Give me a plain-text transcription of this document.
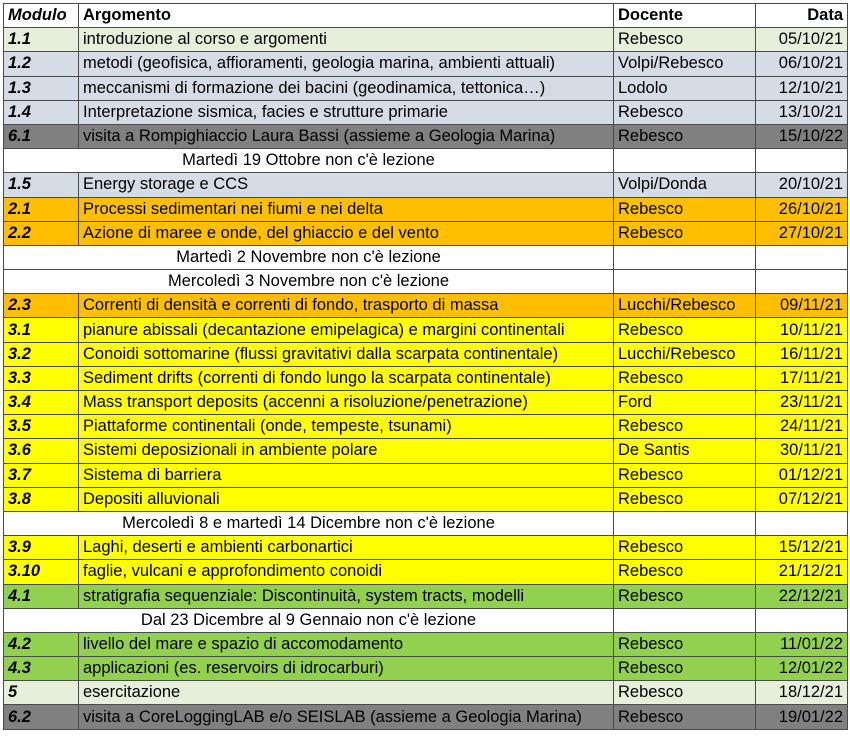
Modulo	Argomento	Docente	Data
1.1	introduzione al corso e argomenti	Rebesco	05/10/21
1.2	metodi (geofisica, affioramenti, geologia marina, ambienti attuali)	Volpi/Rebesco	06/10/21
1.3	meccanismi di formazione dei bacini (geodinamica, tettonica…)	Lodolo	12/10/21
1.4	Interpretazione sismica, facies e strutture primarie	Rebesco	13/10/21
6.1	visita a Rompighiaccio Laura Bassi (assieme a Geologia Marina)	Rebesco	15/10/22
Martedì 19 Ottobre non c'è lezione			
1.5	Energy storage e CCS	Volpi/Donda	20/10/21
2.1	Processi sedimentari nei fiumi e nei delta	Rebesco	26/10/21
2.2	Azione di maree e onde, del ghiaccio e del vento	Rebesco	27/10/21
Martedì 2 Novembre non c'è lezione			
Mercoledì 3 Novembre non c'è lezione			
2.3	Correnti di densità e correnti di fondo, trasporto di massa	Lucchi/Rebesco	09/11/21
3.1	pianure abissali (decantazione emipelagica) e margini continentali	Rebesco	10/11/21
3.2	Conoidi sottomarine (flussi gravitativi dalla scarpata continentale)	Lucchi/Rebesco	16/11/21
3.3	Sediment drifts (correnti di fondo lungo la scarpata continentale)	Rebesco	17/11/21
3.4	Mass transport deposits (accenni a risoluzione/penetrazione)	Ford	23/11/21
3.5	Piattaforme continentali (onde, tempeste, tsunami)	Rebesco	24/11/21
3.6	Sistemi deposizionali in ambiente polare	De Santis	30/11/21
3.7	Sistema di barriera	Rebesco	01/12/21
3.8	Depositi alluvionali	Rebesco	07/12/21
Mercoledì 8 e martedì 14 Dicembre non c'è lezione			
3.9	Laghi, deserti e ambienti carbonartici	Rebesco	15/12/21
3.10	faglie, vulcani e approfondimento conoidi	Rebesco	21/12/21
4.1	stratigrafia sequenziale: Discontinuità, system tracts, modelli	Rebesco	22/12/21
Dal 23 Dicembre al 9 Gennaio non c'è lezione			
4.2	livello del mare e spazio di accomodamento	Rebesco	11/01/22
4.3	applicazioni (es. reservoirs di idrocarburi)	Rebesco	12/01/22
5	esercitazione	Rebesco	18/12/21
6.2	visita a CoreLoggingLAB e/o SEISLAB (assieme a Geologia Marina)	Rebesco	19/01/22
